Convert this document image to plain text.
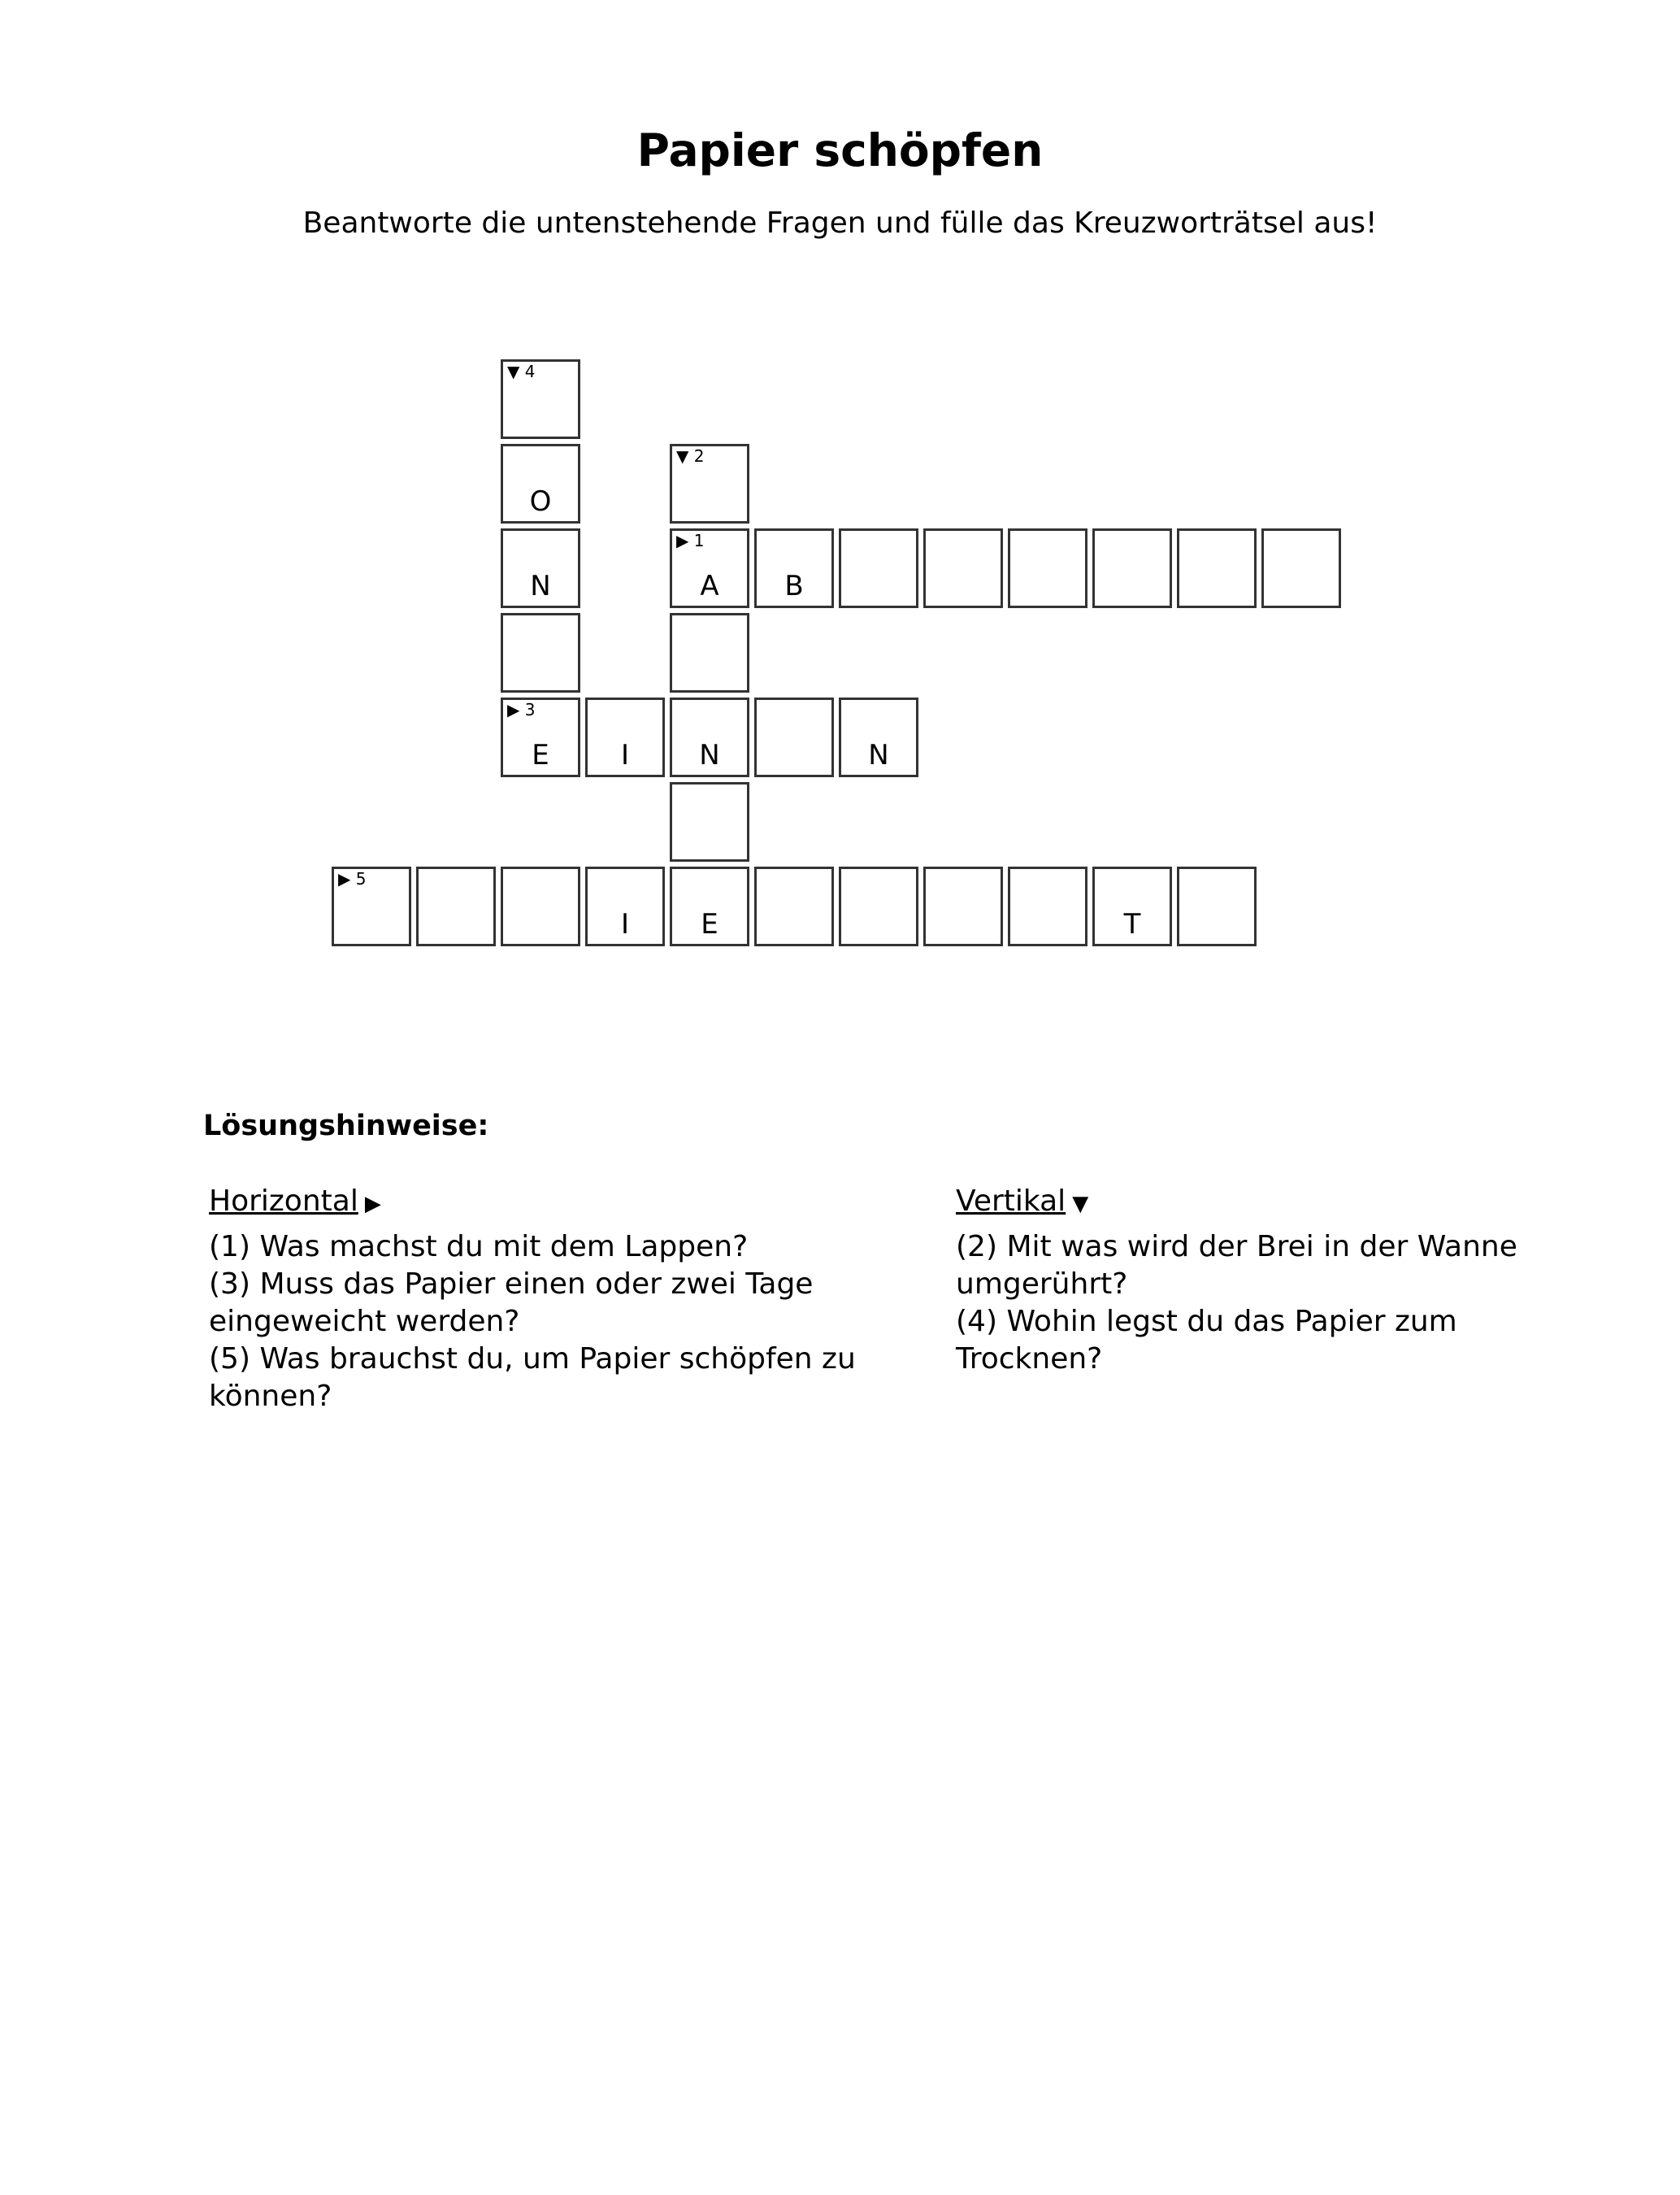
Papier schöpfen
Beantworte die untenstehende Fragen und fülle das Kreuzworträtsel aus!
▼ 4
O
▼ 2
N
▶ 1
A	B
▶ 3
E	I	N	N
▶ 5
I	E	T
Lösungshinweise:
Horizontal ▶
(1) Was machst du mit dem Lappen?
(3) Muss das Papier einen oder zwei Tage eingeweicht werden?
(5) Was brauchst du, um Papier schöpfen zu können?
Vertikal ▼
(2) Mit was wird der Brei in der Wanne umgerührt?
(4) Wohin legst du das Papier zum Trocknen?
